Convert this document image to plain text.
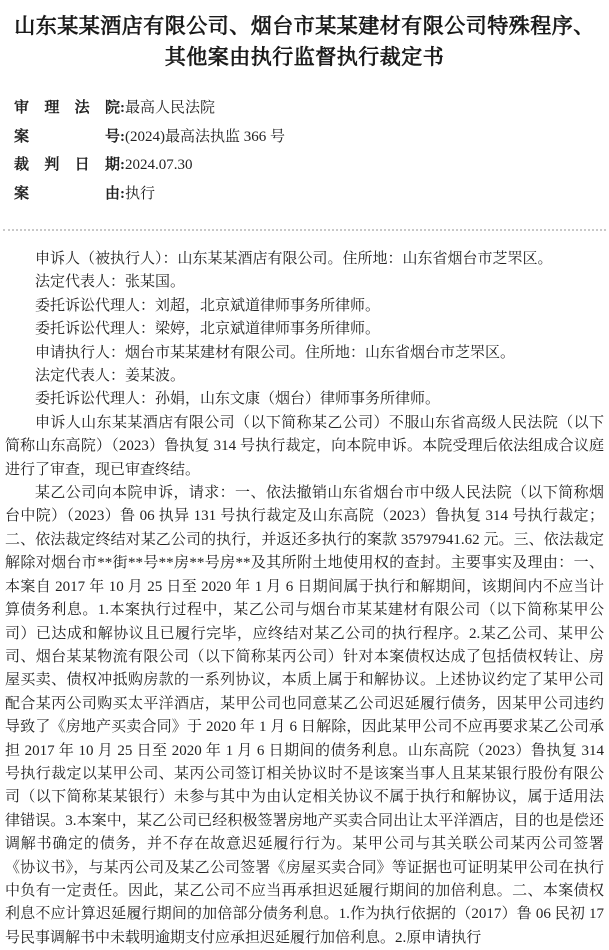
山东某某酒店有限公司、烟台市某某建材有限公司特殊程序、其他案由执行监督执行裁定书
审理法院:最高人民法院
案号:(2024)最高法执监 366 号
裁判日期:2024.07.30
案由:执行

申诉人（被执行人）：山东某某酒店有限公司。住所地：山东省烟台市芝罘区。

法定代表人：张某国。

委托诉讼代理人：刘超，北京斌道律师事务所律师。

委托诉讼代理人：梁婷，北京斌道律师事务所律师。

申请执行人：烟台市某某建材有限公司。住所地：山东省烟台市芝罘区。

法定代表人：姜某波。

委托诉讼代理人：孙娟，山东文康（烟台）律师事务所律师。

申诉人山东某某酒店有限公司（以下简称某乙公司）不服山东省高级人民法院（以下简称山东高院）（2023）鲁执复 314 号执行裁定，向本院申诉。本院受理后依法组成合议庭进行了审查，现已审查终结。

某乙公司向本院申诉，请求：一、依法撤销山东省烟台市中级人民法院（以下简称烟台中院）（2023）鲁 06 执异 131 号执行裁定及山东高院（2023）鲁执复 314 号执行裁定；二、依法裁定终结对某乙公司的执行，并返还多执行的案款 35797941.62 元。三、依法裁定解除对烟台市**街**号**房**号房**及其所附土地使用权的查封。主要事实及理由：一、本案自 2017 年 10 月 25 日至 2020 年 1 月 6 日期间属于执行和解期间，该期间内不应当计算债务利息。1.本案执行过程中，某乙公司与烟台市某某建材有限公司（以下简称某甲公司）已达成和解协议且已履行完毕，应终结对某乙公司的执行程序。2.某乙公司、某甲公司、烟台某某物流有限公司（以下简称某丙公司）针对本案债权达成了包括债权转让、房屋买卖、债权冲抵购房款的一系列协议，本质上属于和解协议。上述协议约定了某甲公司配合某丙公司购买太平洋酒店，某甲公司也同意某乙公司迟延履行债务，因某甲公司违约导致了《房地产买卖合同》于 2020 年 1 月 6 日解除，因此某甲公司不应再要求某乙公司承担 2017 年 10 月 25 日至 2020 年 1 月 6 日期间的债务利息。山东高院（2023）鲁执复 314 号执行裁定以某甲公司、某丙公司签订相关协议时不是该案当事人且某某银行股份有限公司（以下简称某某银行）未参与其中为由认定相关协议不属于执行和解协议，属于适用法律错误。3.本案中，某乙公司已经积极签署房地产买卖合同出让太平洋酒店，目的也是偿还调解书确定的债务，并不存在故意迟延履行行为。某甲公司与其关联公司某丙公司签署《协议书》，与某丙公司及某乙公司签署《房屋买卖合同》等证据也可证明某甲公司在执行中负有一定责任。因此，某乙公司不应当再承担迟延履行期间的加倍利息。二、本案债权利息不应计算迟延履行期间的加倍部分债务利息。1.作为执行依据的（2017）鲁 06 民初 17 号民事调解书中未载明逾期支付应承担迟延履行加倍利息。2.原申请执行
